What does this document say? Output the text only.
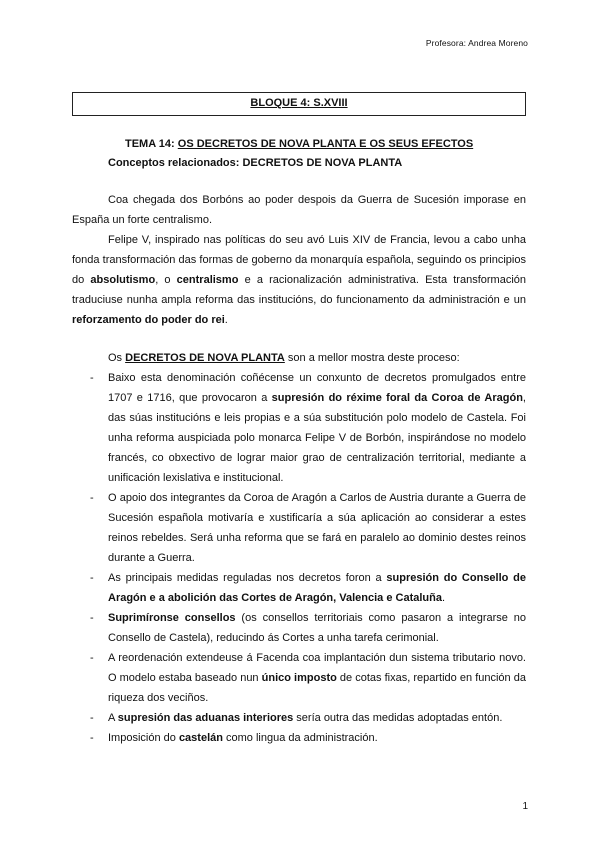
Profesora: Andrea Moreno
BLOQUE 4: S.XVIII
TEMA 14: OS DECRETOS DE NOVA PLANTA E OS SEUS EFECTOS
Conceptos relacionados: DECRETOS DE NOVA PLANTA
Coa chegada dos Borbóns ao poder despois da Guerra de Sucesión imporase en España un forte centralismo.
Felipe V, inspirado nas políticas do seu avó Luis XIV de Francia, levou a cabo unha fonda transformación das formas de goberno da monarquía española, seguindo os principios do absolutismo, o centralismo e a racionalización administrativa. Esta transformación traduciuse nunha ampla reforma das institucións, do funcionamento da administración e un reforzamento do poder do rei.
Os DECRETOS DE NOVA PLANTA son a mellor mostra deste proceso:
- Baixo esta denominación coñécense un conxunto de decretos promulgados entre 1707 e 1716, que provocaron a supresión do réxime foral da Coroa de Aragón, das súas institucións e leis propias e a súa substitución polo modelo de Castela. Foi unha reforma auspiciada polo monarca Felipe V de Borbón, inspirándose no modelo francés, co obxectivo de lograr maior grao de centralización territorial, mediante a unificación lexislativa e institucional.
- O apoio dos integrantes da Coroa de Aragón a Carlos de Austria durante a Guerra de Sucesión española motivaría e xustificaría a súa aplicación ao considerar a estes reinos rebeldes. Será unha reforma que se fará en paralelo ao dominio destes reinos durante a Guerra.
- As principais medidas reguladas nos decretos foron a supresión do Consello de Aragón e a abolición das Cortes de Aragón, Valencia e Cataluña.
- Suprimíronse consellos (os consellos territoriais como pasaron a integrarse no Consello de Castela), reducindo ás Cortes a unha tarefa cerimonial.
- A reordenación extendeuse á Facenda coa implantación dun sistema tributario novo. O modelo estaba baseado nun único imposto de cotas fixas, repartido en función da riqueza dos veciños.
- A supresión das aduanas interiores sería outra das medidas adoptadas entón.
- Imposición do castelán como lingua da administración.
1
